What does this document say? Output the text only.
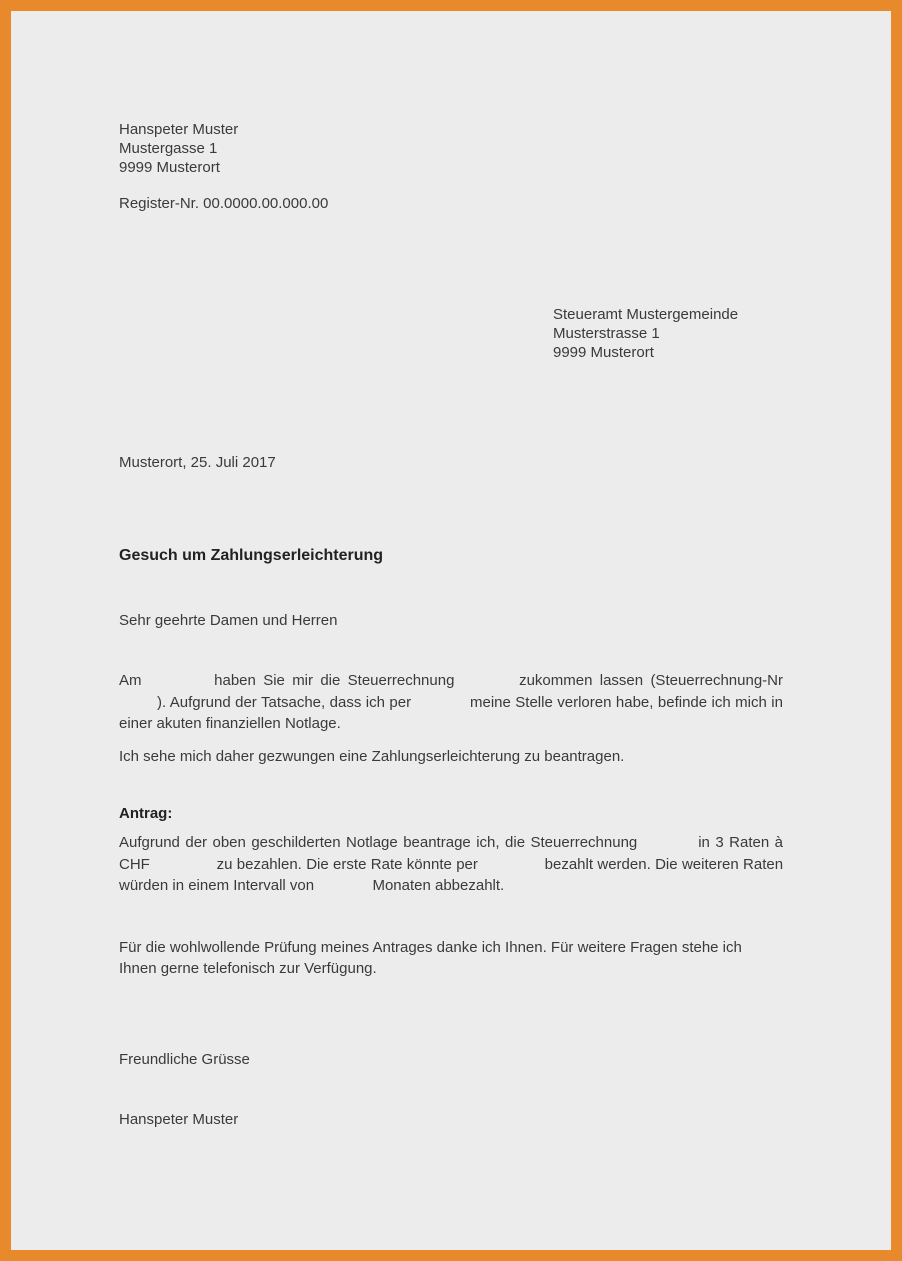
Hanspeter Muster
Mustergasse 1
9999 Musterort
Register-Nr. 00.0000.00.000.00
Steueramt Mustergemeinde
Musterstrasse 1
9999 Musterort
Musterort, 25. Juli 2017
Gesuch um Zahlungserleichterung
Sehr geehrte Damen und Herren

Am	haben Sie mir die Steuerrechnung	zukommen lassen (Steuerrechnung-Nr ). Aufgrund der Tatsache, dass ich per	meine Stelle verloren habe, befinde ich mich in einer akuten finanziellen Notlage.

Ich sehe mich daher gezwungen eine Zahlungserleichterung zu beantragen.

Antrag:

Aufgrund der oben geschilderten Notlage beantrage ich, die Steuerrechnung	in 3 Raten à CHF	zu bezahlen. Die erste Rate könnte per	bezahlt werden. Die weiteren Raten würden in einem Intervall von	Monaten abbezahlt.

Für die wohlwollende Prüfung meines Antrages danke ich Ihnen. Für weitere Fragen stehe ich Ihnen gerne telefonisch zur Verfügung.

Freundliche Grüsse
Hanspeter Muster
